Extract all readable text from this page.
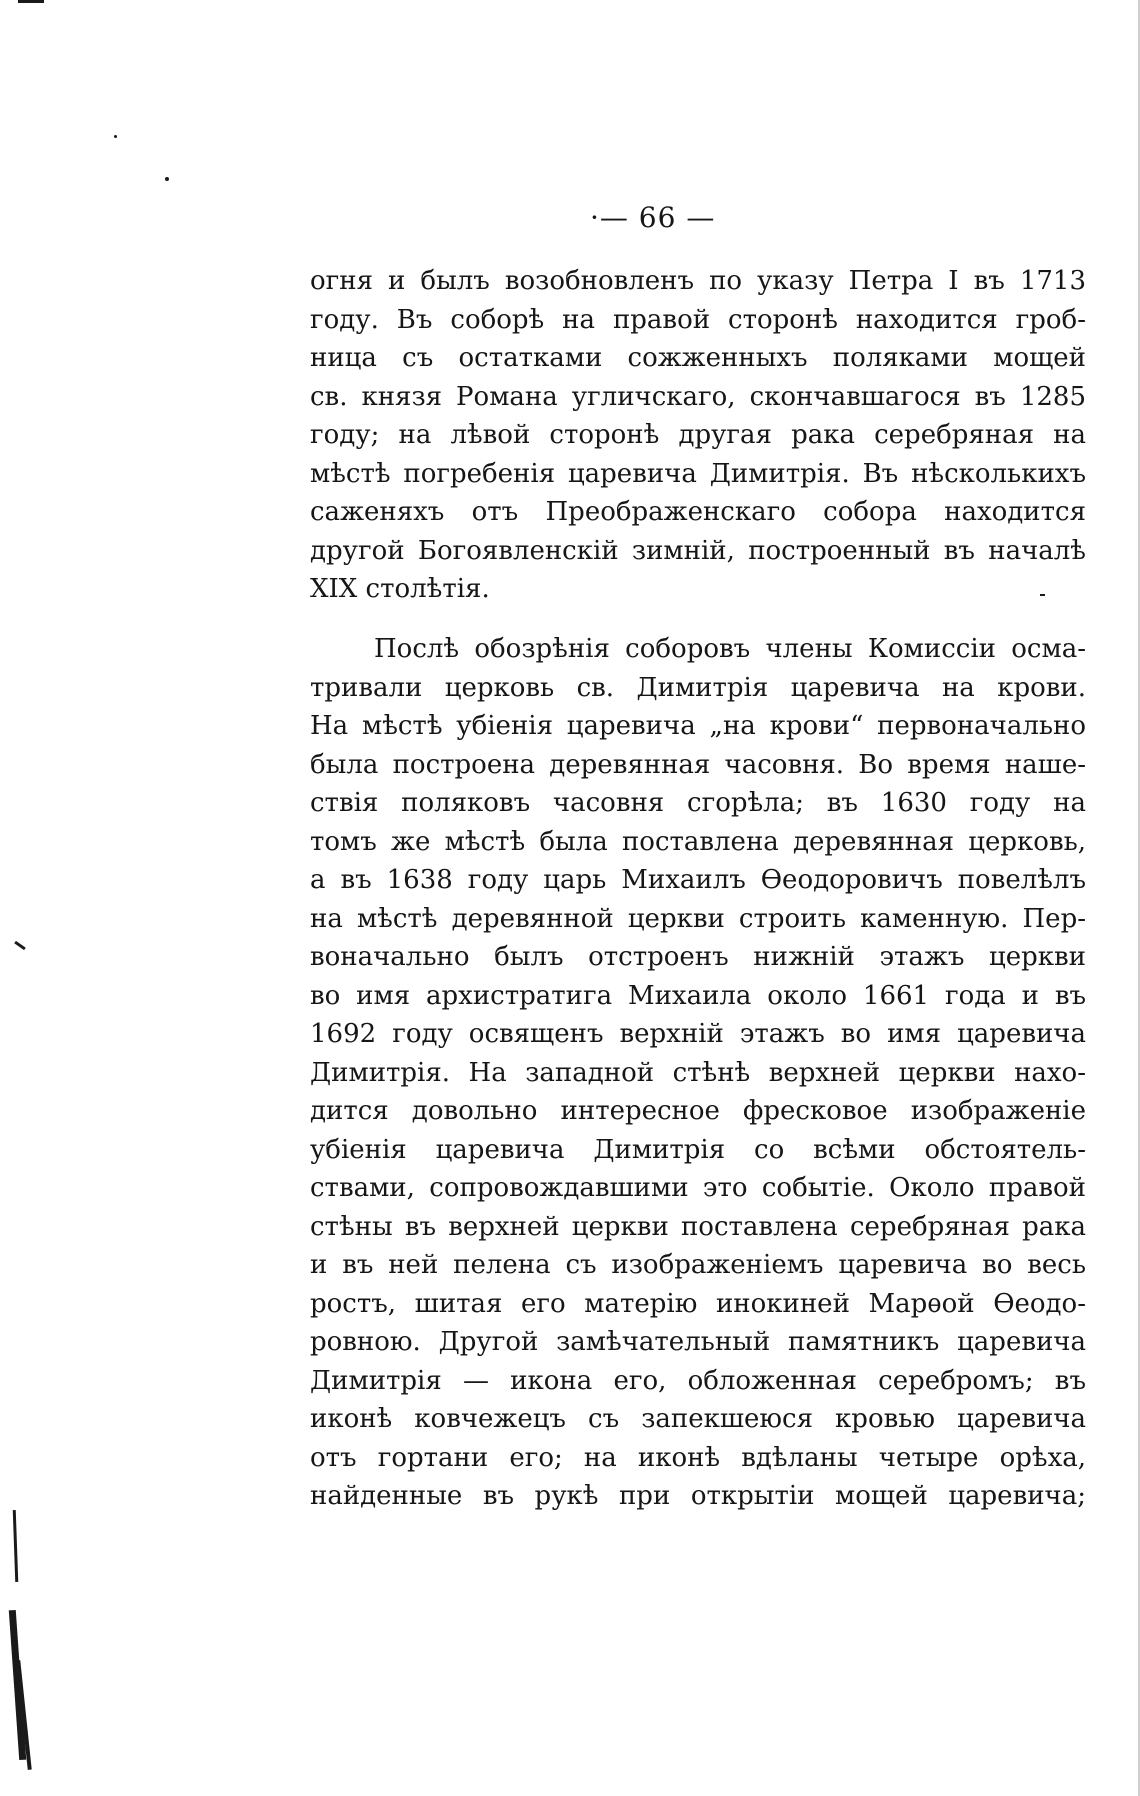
·— 66 —
огня и былъ возобновленъ по указу Петра I въ 1713
году. Въ соборѣ на правой сторонѣ находится гроб-
ница съ остатками сожженныхъ поляками мощей
св. князя Романа угличскаго, скончавшагося въ 1285
году; на лѣвой сторонѣ другая рака серебряная на
мѣстѣ погребенія царевича Димитрія. Въ нѣсколькихъ
саженяхъ отъ Преображенскаго собора находится
другой Богоявленскій зимній, построенный въ началѣ
XIX столѣтія.
Послѣ обозрѣнія соборовъ члены Комиссіи осма-
тривали церковь св. Димитрія царевича на крови.
На мѣстѣ убіенія царевича „на крови“ первоначально
была построена деревянная часовня. Во время наше-
ствія поляковъ часовня сгорѣла; въ 1630 году на
томъ же мѣстѣ была поставлена деревянная церковь,
а въ 1638 году царь Михаилъ Ѳеодоровичъ повелѣлъ
на мѣстѣ деревянной церкви строить каменную. Пер-
воначально былъ отстроенъ нижній этажъ церкви
во имя архистратига Михаила около 1661 года и въ
1692 году освященъ верхній этажъ во имя царевича
Димитрія. На западной стѣнѣ верхней церкви нахо-
дится довольно интересное фресковое изображеніе
убіенія царевича Димитрія со всѣми обстоятель-
ствами, сопровождавшими это событіе. Около правой
стѣны въ верхней церкви поставлена серебряная рака
и въ ней пелена съ изображеніемъ царевича во весь
ростъ, шитая его матерію инокиней Марѳой Ѳеодо-
ровною. Другой замѣчательный памятникъ царевича
Димитрія — икона его, обложенная серебромъ; въ
иконѣ ковчежецъ съ запекшеюся кровью царевича
отъ гортани его; на иконѣ вдѣланы четыре орѣха,
найденные въ рукѣ при открытіи мощей царевича;
